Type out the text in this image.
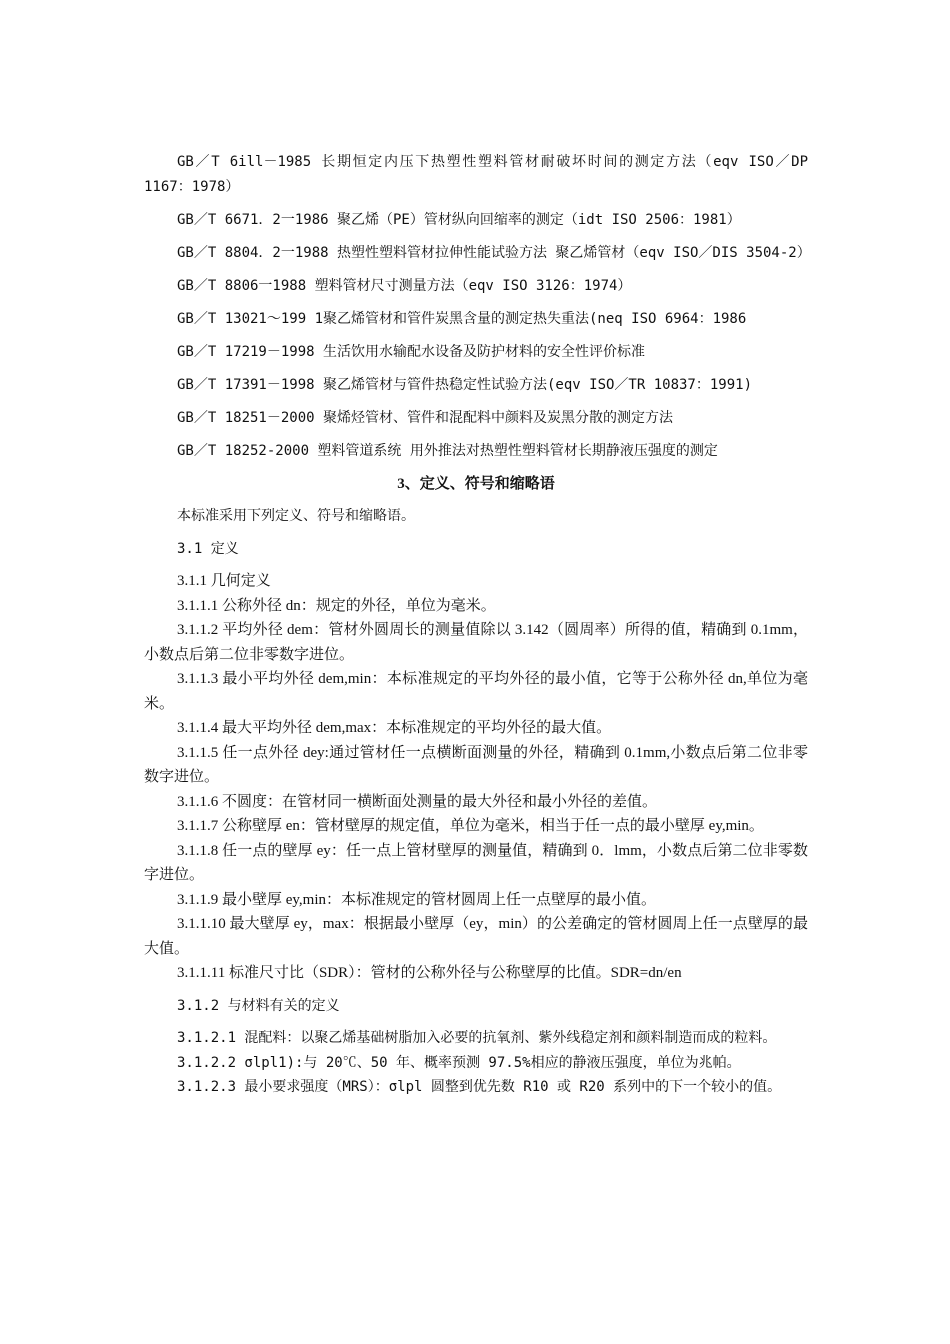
GB／T 6ill－1985 长期恒定内压下热塑性塑料管材耐破坏时间的测定方法（eqv ISO／DP 1167：1978）

GB／T 6671．2一1986 聚乙烯（PE）管材纵向回缩率的测定（idt ISO 2506：1981）

GB／T 8804．2一1988 热塑性塑料管材拉伸性能试验方法 聚乙烯管材（eqv ISO／DIS 3504-2）

GB／T 8806一1988 塑料管材尺寸测量方法（eqv ISO 3126：1974）

GB／T 13021～199 1聚乙烯管材和管件炭黑含量的测定热失重法(neq ISO 6964：1986

GB／T 17219－1998 生活饮用水输配水设备及防护材料的安全性评价标准

GB／T 17391－1998 聚乙烯管材与管件热稳定性试验方法(eqv ISO／TR 10837：1991)

GB／T 18251－2000 聚烯烃管材、管件和混配料中颜料及炭黑分散的测定方法

GB／T 18252-2000 塑料管道系统 用外推法对热塑性塑料管材长期静液压强度的测定

3、定义、符号和缩略语

本标准采用下列定义、符号和缩略语。

3.1 定义

3.1.1 几何定义

3.1.1.1 公称外径 dn：规定的外径，单位为毫米。

3.1.1.2 平均外径 dem：管材外圆周长的测量值除以 3.142（圆周率）所得的值，精确到 0.1mm，小数点后第二位非零数字进位。

3.1.1.3 最小平均外径 dem,min：本标准规定的平均外径的最小值，它等于公称外径 dn,单位为毫米。

3.1.1.4 最大平均外径 dem,max：本标准规定的平均外径的最大值。

3.1.1.5 任一点外径 dey:通过管材任一点横断面测量的外径，精确到 0.1mm,小数点后第二位非零数字进位。

3.1.1.6 不圆度：在管材同一横断面处测量的最大外径和最小外径的差值。

3.1.1.7 公称壁厚 en：管材壁厚的规定值，单位为毫米，相当于任一点的最小壁厚 ey,min。

3.1.1.8 任一点的壁厚 ey：任一点上管材壁厚的测量值，精确到 0．lmm，小数点后第二位非零数字进位。

3.1.1.9 最小壁厚 ey,min：本标准规定的管材圆周上任一点壁厚的最小值。

3.1.1.10 最大壁厚 ey，max：根据最小壁厚（ey，min）的公差确定的管材圆周上任一点壁厚的最大值。

3.1.1.11 标准尺寸比（SDR）：管材的公称外径与公称壁厚的比值。SDR=dn/en

3.1.2 与材料有关的定义

3.1.2.1 混配料：以聚乙烯基础树脂加入必要的抗氧剂、紫外线稳定剂和颜料制造而成的粒料。

3.1.2.2 σlpl1):与 20℃、50 年、概率预测 97.5%相应的静液压强度，单位为兆帕。

3.1.2.3 最小要求强度（MRS）：σlpl 圆整到优先数 R10 或 R20 系列中的下一个较小的值。
